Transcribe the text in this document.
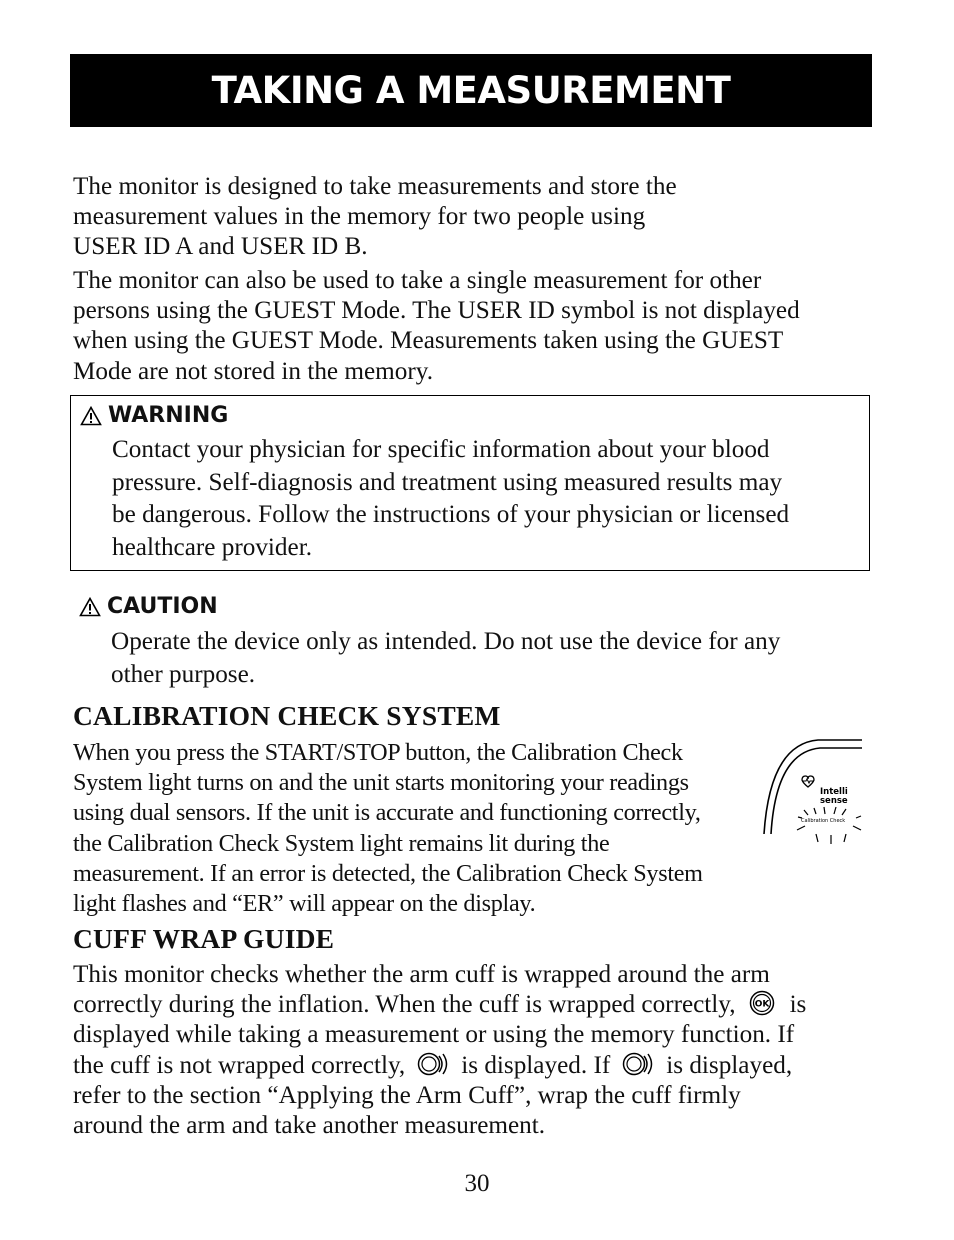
TAKING A MEASUREMENT
The monitor is designed to take measurements and store the
measurement values in the memory for two people using
USER ID A and USER ID B.
The monitor can also be used to take a single measurement for other
persons using the GUEST Mode. The USER ID symbol is not displayed
when using the GUEST Mode. Measurements taken using the GUEST
Mode are not stored in the memory.
WARNING
Contact your physician for specific information about your blood
pressure. Self-diagnosis and treatment using measured results may
be dangerous. Follow the instructions of your physician or licensed
healthcare provider.
CAUTION
Operate the device only as intended. Do not use the device for any
other purpose.
CALIBRATION CHECK SYSTEM
When you press the START/STOP button, the Calibration Check
System light turns on and the unit starts monitoring your readings
using dual sensors. If the unit is accurate and functioning correctly,
the Calibration Check System light remains lit during the
measurement. If an error is detected, the Calibration Check System
light flashes and “ER” will appear on the display.
Intelli
sense
Calibration Check
CUFF WRAP GUIDE
This monitor checks whether the arm cuff is wrapped around the arm
correctly during the inflation. When the cuff is wrapped correctly, OK is
displayed while taking a measurement or using the memory function. If
the cuff is not wrapped correctly, is displayed. If is displayed,
refer to the section “Applying the Arm Cuff”, wrap the cuff firmly
around the arm and take another measurement.
30
